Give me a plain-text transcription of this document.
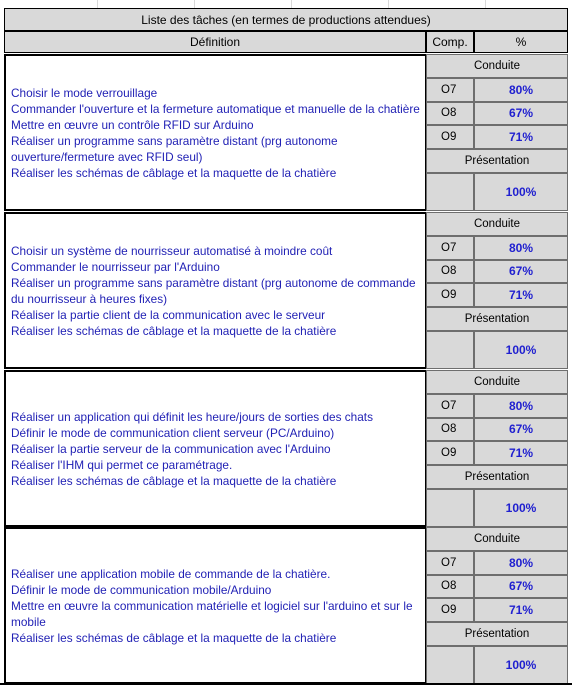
Liste des tâches (en termes de productions attendues)
Définition	Comp.	%
Choisir le mode verrouillage
Commander l'ouverture et la fermeture automatique et manuelle de la chatière
Mettre en œuvre un contrôle RFID sur Arduino
Réaliser un programme sans paramètre distant (prg autonome ouverture/fermeture avec RFID seul)
Réaliser les schémas de câblage et la maquette de la chatière
Conduite
O7	80%
O8	67%
O9	71%
Présentation
100%
Choisir un système de nourrisseur automatisé à moindre coût
Commander le nourrisseur par l'Arduino
Réaliser un programme sans paramètre distant (prg autonome de commande du nourrisseur à heures fixes)
Réaliser la partie client de la communication avec le serveur
Réaliser les schémas de câblage et la maquette de la chatière
Conduite
O7	80%
O8	67%
O9	71%
Présentation
100%
Réaliser un application qui définit les heure/jours de sorties des chats
Définir le mode de communication client serveur (PC/Arduino)
Réaliser la partie serveur de la communication avec l'Arduino
Réaliser l'IHM qui permet ce paramétrage.
Réaliser les schémas de câblage et la maquette de la chatière
Conduite
O7	80%
O8	67%
O9	71%
Présentation
100%
Réaliser une application mobile de commande de la chatière.
Définir le mode de communication mobile/Arduino
Mettre en œuvre la communication matérielle et logiciel sur l'arduino et sur le mobile
Réaliser les schémas de câblage et la maquette de la chatière
Conduite
O7	80%
O8	67%
O9	71%
Présentation
100%
